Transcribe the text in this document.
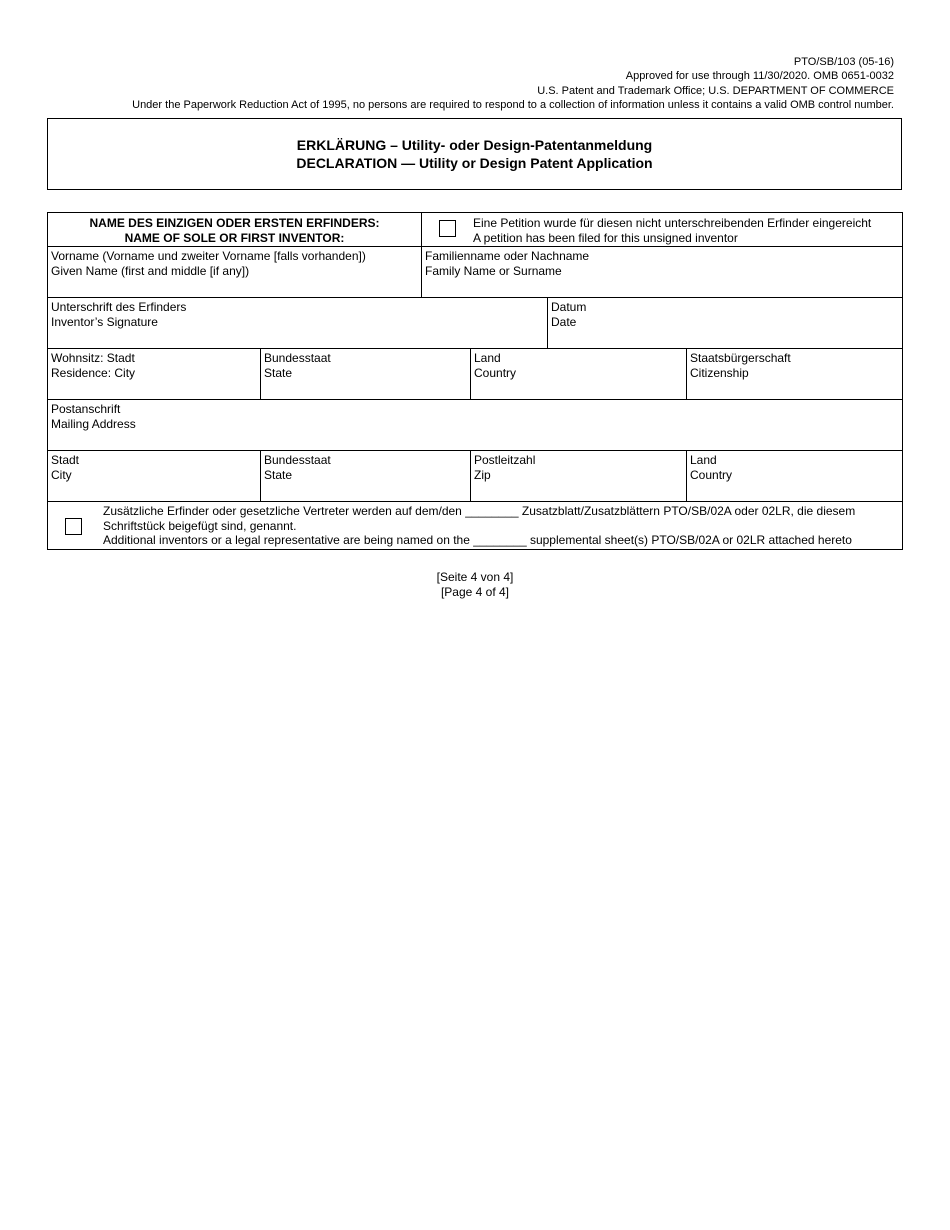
PTO/SB/103 (05-16)
Approved for use through 11/30/2020. OMB 0651-0032
U.S. Patent and Trademark Office; U.S. DEPARTMENT OF COMMERCE
Under the Paperwork Reduction Act of 1995, no persons are required to respond to a collection of information unless it contains a valid OMB control number.
ERKLÄRUNG – Utility- oder Design-Patentanmeldung
DECLARATION — Utility or Design Patent Application
NAME DES EINZIGEN ODER ERSTEN ERFINDERS:
NAME OF SOLE OR FIRST INVENTOR:
Eine Petition wurde für diesen nicht unterschreibenden Erfinder eingereicht
A petition has been filed for this unsigned inventor
Vorname (Vorname und zweiter Vorname [falls vorhanden])
Given Name (first and middle [if any])
Familienname oder Nachname
Family Name or Surname
Unterschrift des Erfinders
Inventor’s Signature
Datum
Date
Wohnsitz: Stadt
Residence: City
Bundesstaat
State
Land
Country
Staatsbürgerschaft
Citizenship
Postanschrift
Mailing Address
Stadt
City
Bundesstaat
State
Postleitzahl
Zip
Land
Country
Zusätzliche Erfinder oder gesetzliche Vertreter werden auf dem/den ________ Zusatzblatt/Zusatzblättern PTO/SB/02A oder 02LR, die diesem
Schriftstück beigefügt sind, genannt.
Additional inventors or a legal representative are being named on the ________ supplemental sheet(s) PTO/SB/02A or 02LR attached hereto
[Seite 4 von 4]
[Page 4 of 4]
